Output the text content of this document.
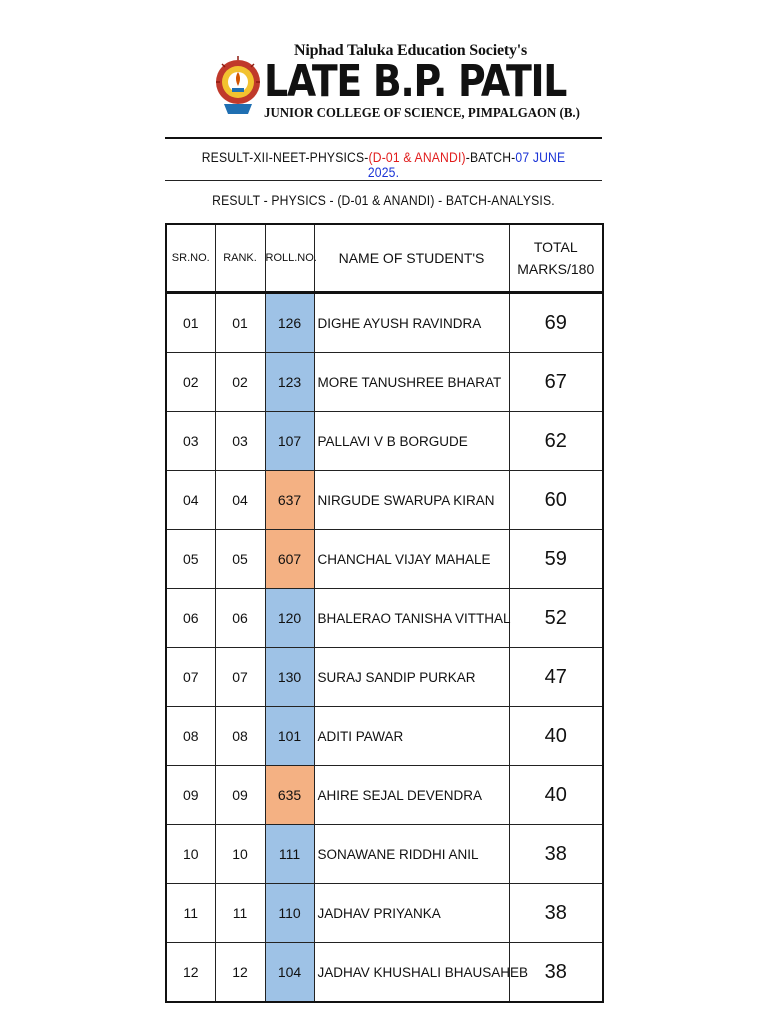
Niphad Taluka Education Society's
LATE B.P. PATIL
JUNIOR COLLEGE OF SCIENCE, PIMPALGAON (B.)
RESULT-XII-NEET-PHYSICS-(D-01 & ANANDI)-BATCH-07 JUNE 2025.
RESULT - PHYSICS - (D-01 & ANANDI) - BATCH-ANALYSIS.
SR.NO.	RANK.	ROLL.NO.	NAME OF STUDENT'S	TOTAL
MARKS/180

01	01	126	DIGHE AYUSH RAVINDRA	69
02	02	123	MORE TANUSHREE BHARAT	67
03	03	107	PALLAVI V B BORGUDE	62
04	04	637	NIRGUDE SWARUPA KIRAN	60
05	05	607	CHANCHAL VIJAY MAHALE	59
06	06	120	BHALERAO TANISHA VITTHAL	52
07	07	130	SURAJ SANDIP PURKAR	47
08	08	101	ADITI PAWAR	40
09	09	635	AHIRE SEJAL DEVENDRA	40
10	10	111	SONAWANE RIDDHI ANIL	38
11	11	110	JADHAV PRIYANKA	38
12	12	104	JADHAV KHUSHALI BHAUSAHEB	38
